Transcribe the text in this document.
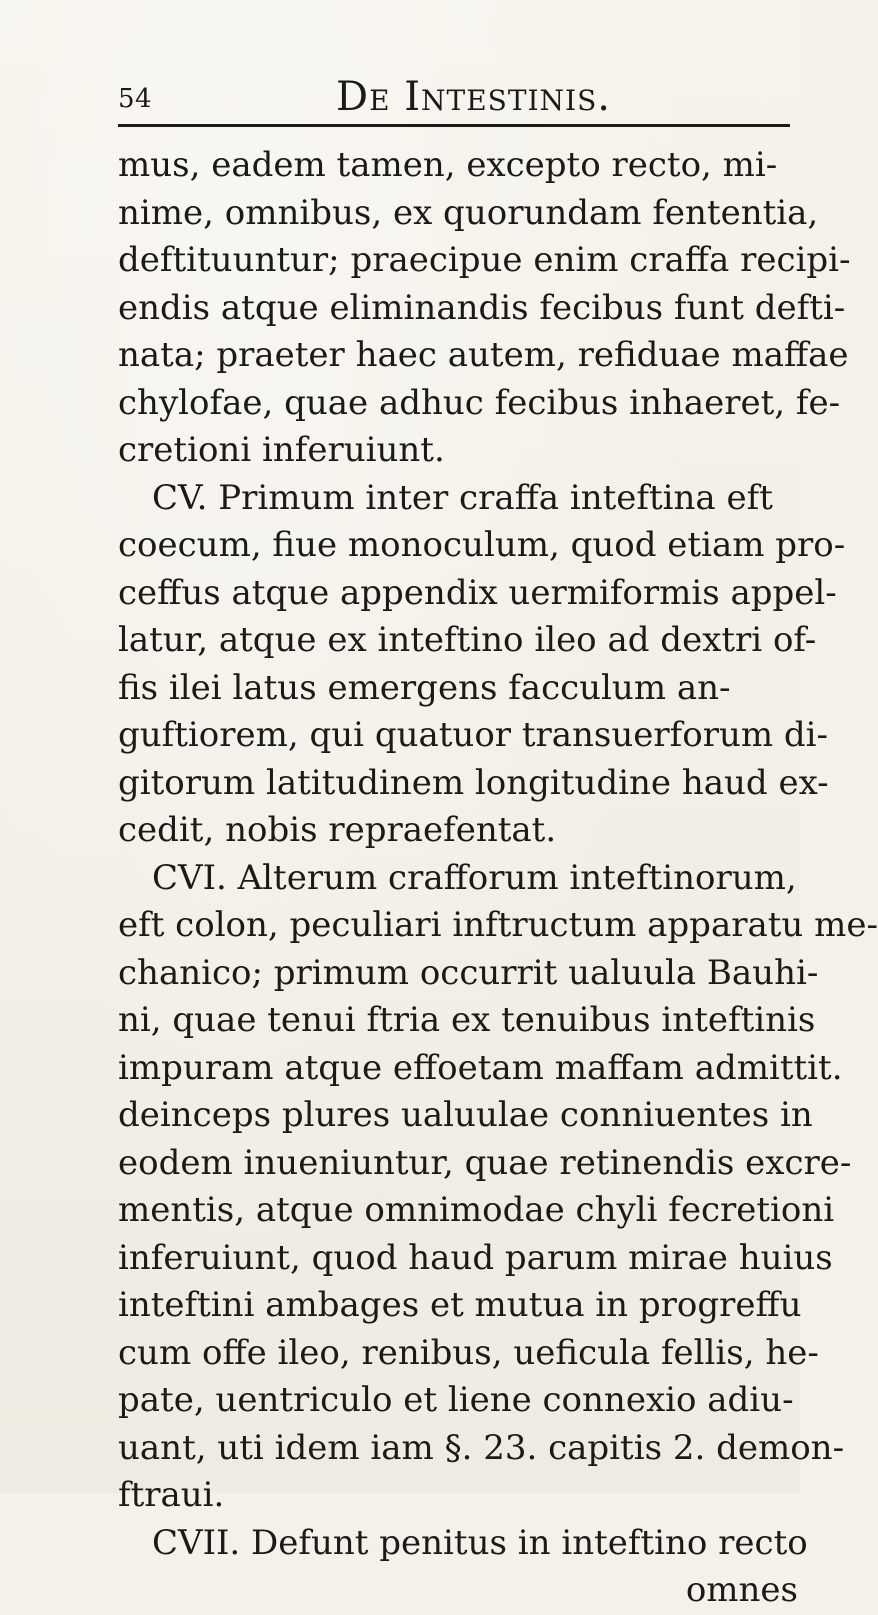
54	De Intestinis.
mus, eadem tamen, excepto recto, mi-
nime, omnibus, ex quorundam fententia,
deftituuntur; praecipue enim craffa recipi-
endis atque eliminandis fecibus funt defti-
nata; praeter haec autem, refiduae maffae
chylofae, quae adhuc fecibus inhaeret, fe-
cretioni inferuiunt.
CV. Primum inter craffa inteftina eft
coecum, fiue monoculum, quod etiam pro-
ceffus atque appendix uermiformis appel-
latur, atque ex inteftino ileo ad dextri of-
fis ilei latus emergens facculum an-
guftiorem, qui quatuor transuerforum di-
gitorum latitudinem longitudine haud ex-
cedit, nobis repraefentat.
CVI. Alterum crafforum inteftinorum,
eft colon, peculiari inftructum apparatu me-
chanico; primum occurrit ualuula Bauhi-
ni, quae tenui ftria ex tenuibus inteftinis
impuram atque effoetam maffam admittit.
deinceps plures ualuulae conniuentes in
eodem inueniuntur, quae retinendis excre-
mentis, atque omnimodae chyli fecretioni
inferuiunt, quod haud parum mirae huius
inteftini ambages et mutua in progreffu
cum offe ileo, renibus, ueficula fellis, he-
pate, uentriculo et liene connexio adiu-
uant, uti idem iam §. 23. capitis 2. demon-
ftraui.
CVII. Defunt penitus in inteftino recto
omnes
